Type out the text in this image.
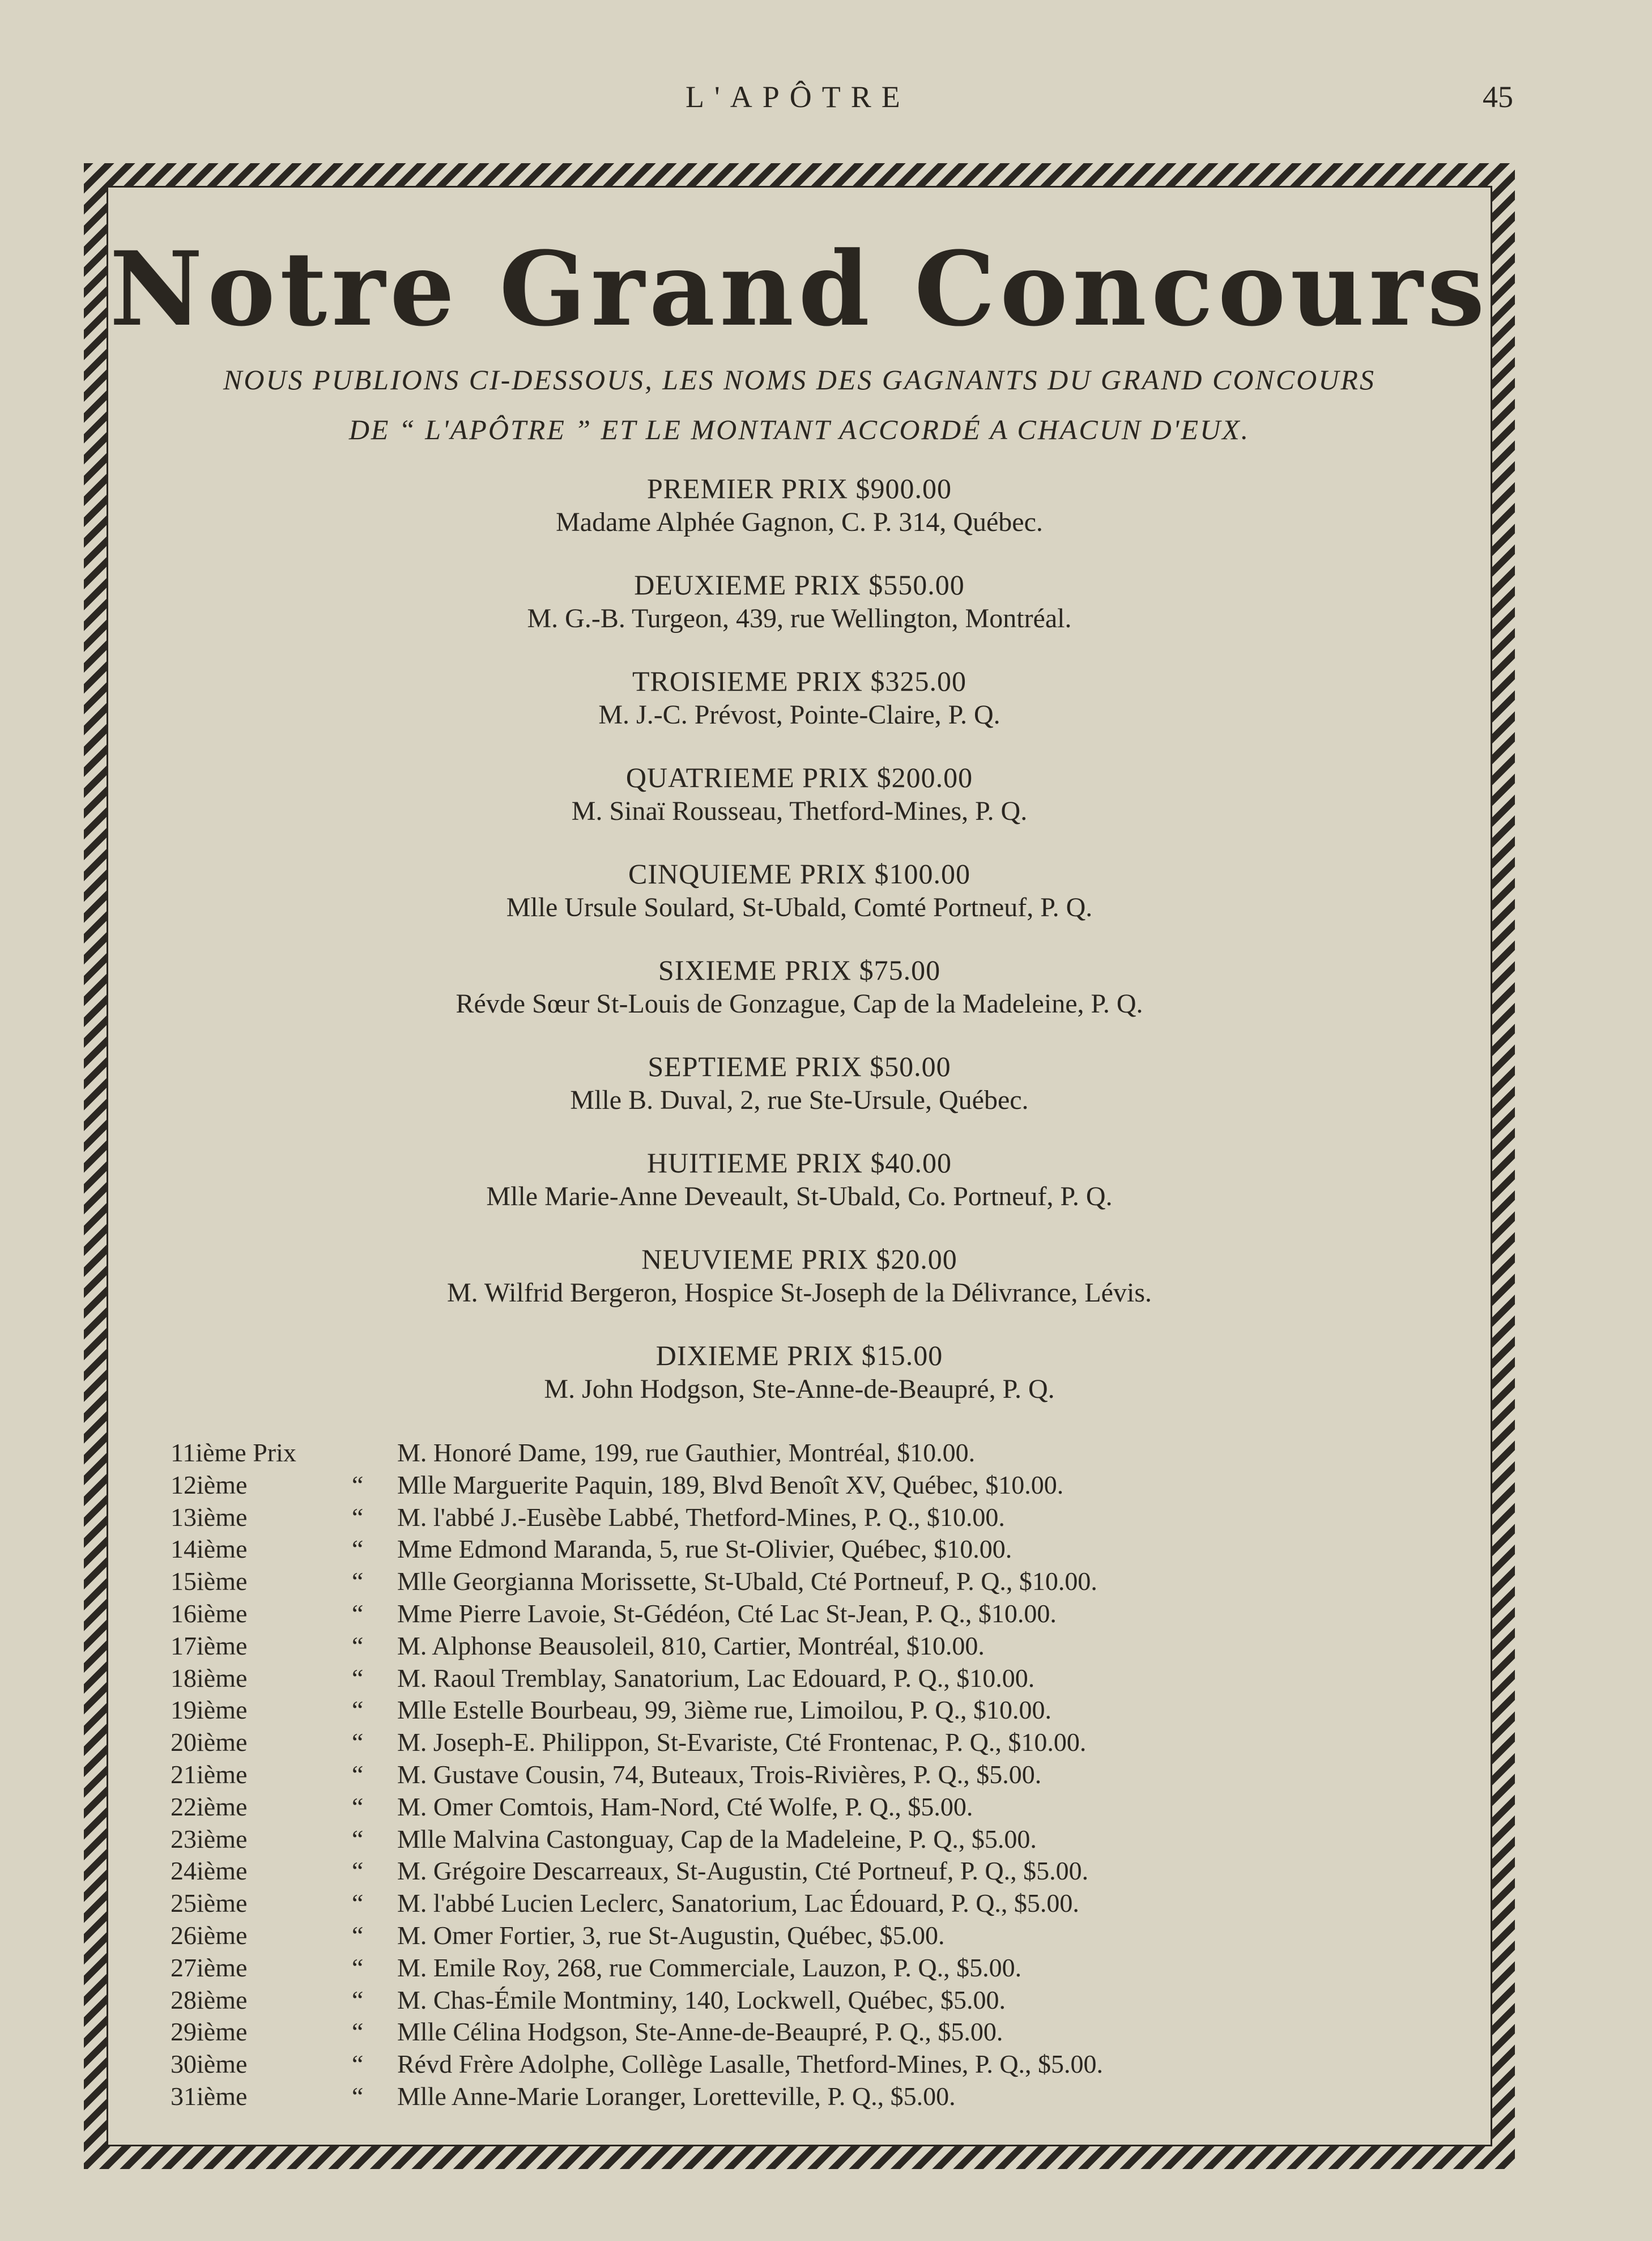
L'APÔTRE	45
Notre Grand Concours
NOUS PUBLIONS CI-DESSOUS, LES NOMS DES GAGNANTS DU GRAND CONCOURS
DE “ L'APÔTRE ” ET LE MONTANT ACCORDÉ A CHACUN D'EUX.
PREMIER PRIX $900.00
Madame Alphée Gagnon, C. P. 314, Québec.
DEUXIEME PRIX $550.00
M. G.-B. Turgeon, 439, rue Wellington, Montréal.
TROISIEME PRIX $325.00
M. J.-C. Prévost, Pointe-Claire, P. Q.
QUATRIEME PRIX $200.00
M. Sinaï Rousseau, Thetford-Mines, P. Q.
CINQUIEME PRIX $100.00
Mlle Ursule Soulard, St-Ubald, Comté Portneuf, P. Q.
SIXIEME PRIX $75.00
Révde Sœur St-Louis de Gonzague, Cap de la Madeleine, P. Q.
SEPTIEME PRIX $50.00
Mlle B. Duval, 2, rue Ste-Ursule, Québec.
HUITIEME PRIX $40.00
Mlle Marie-Anne Deveault, St-Ubald, Co. Portneuf, P. Q.
NEUVIEME PRIX $20.00
M. Wilfrid Bergeron, Hospice St-Joseph de la Délivrance, Lévis.
DIXIEME PRIX $15.00
M. John Hodgson, Ste-Anne-de-Beaupré, P. Q.
11ième Prix	M. Honoré Dame, 199, rue Gauthier, Montréal, $10.00.
12ième	“ Mlle Marguerite Paquin, 189, Blvd Benoît XV, Québec, $10.00.
13ième	“ M. l'abbé J.-Eusèbe Labbé, Thetford-Mines, P. Q., $10.00.
14ième	“ Mme Edmond Maranda, 5, rue St-Olivier, Québec, $10.00.
15ième	“ Mlle Georgianna Morissette, St-Ubald, Cté Portneuf, P. Q., $10.00.
16ième	“ Mme Pierre Lavoie, St-Gédéon, Cté Lac St-Jean, P. Q., $10.00.
17ième	“ M. Alphonse Beausoleil, 810, Cartier, Montréal, $10.00.
18ième	“ M. Raoul Tremblay, Sanatorium, Lac Edouard, P. Q., $10.00.
19ième	“ Mlle Estelle Bourbeau, 99, 3ième rue, Limoilou, P. Q., $10.00.
20ième	“ M. Joseph-E. Philippon, St-Evariste, Cté Frontenac, P. Q., $10.00.
21ième	“ M. Gustave Cousin, 74, Buteaux, Trois-Rivières, P. Q., $5.00.
22ième	“ M. Omer Comtois, Ham-Nord, Cté Wolfe, P. Q., $5.00.
23ième	“ Mlle Malvina Castonguay, Cap de la Madeleine, P. Q., $5.00.
24ième	“ M. Grégoire Descarreaux, St-Augustin, Cté Portneuf, P. Q., $5.00.
25ième	“ M. l'abbé Lucien Leclerc, Sanatorium, Lac Édouard, P. Q., $5.00.
26ième	“ M. Omer Fortier, 3, rue St-Augustin, Québec, $5.00.
27ième	“ M. Emile Roy, 268, rue Commerciale, Lauzon, P. Q., $5.00.
28ième	“ M. Chas-Émile Montminy, 140, Lockwell, Québec, $5.00.
29ième	“ Mlle Célina Hodgson, Ste-Anne-de-Beaupré, P. Q., $5.00.
30ième	“ Révd Frère Adolphe, Collège Lasalle, Thetford-Mines, P. Q., $5.00.
31ième	“ Mlle Anne-Marie Loranger, Loretteville, P. Q., $5.00.
